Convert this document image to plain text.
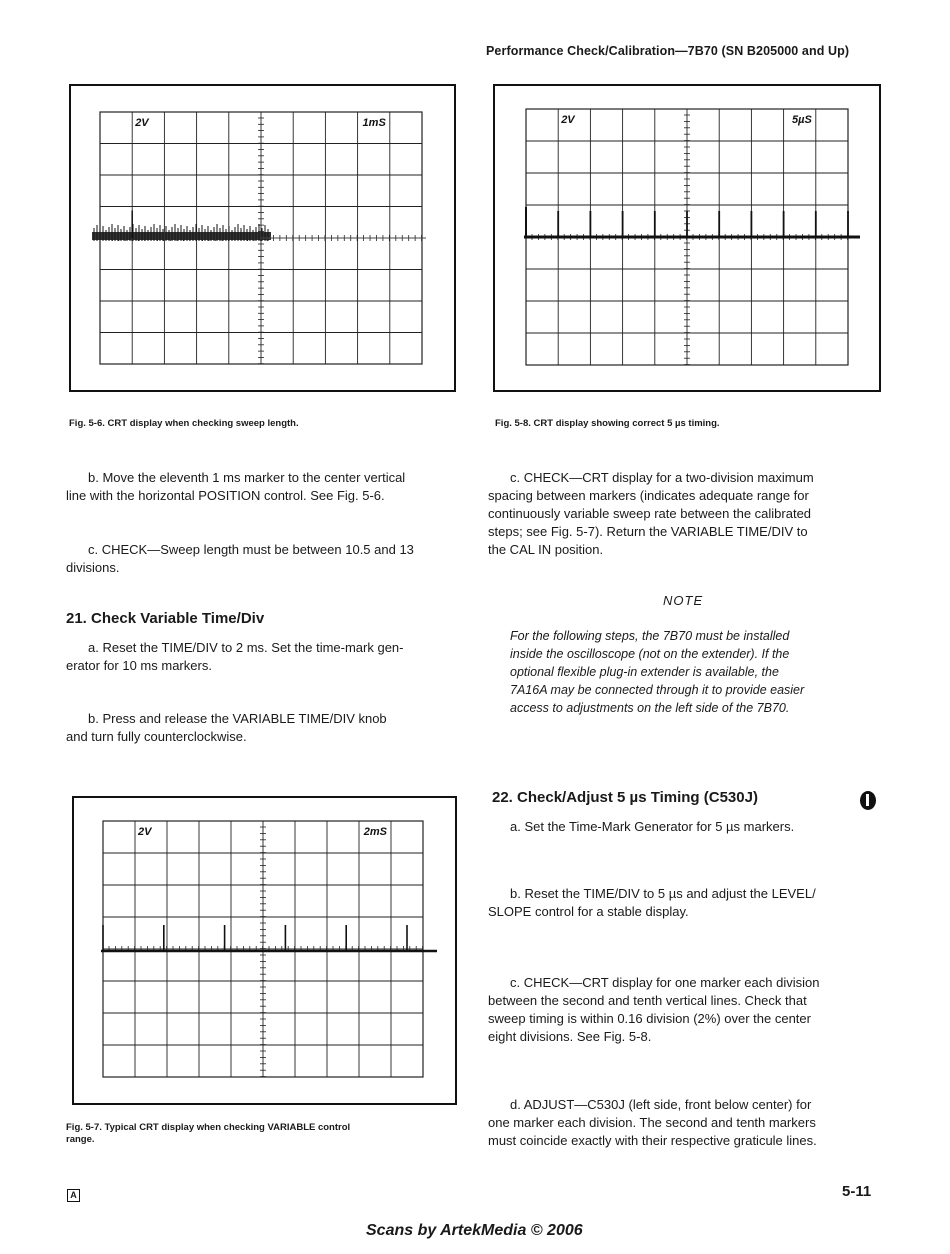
Performance Check/Calibration—7B70 (SN B205000 and Up)
2V	1mS
Fig. 5-6. CRT display when checking sweep length.
2V	5µS
Fig. 5-8. CRT display showing correct 5 µs timing.
b. Move the eleventh 1 ms marker to the center vertical
line with the horizontal POSITION control. See Fig. 5-6.
c. CHECK—Sweep length must be between 10.5 and 13
divisions.
21. Check Variable Time/Div
a. Reset the TIME/DIV to 2 ms. Set the time-mark gen-
erator for 10 ms markers.
b. Press and release the VARIABLE TIME/DIV knob
and turn fully counterclockwise.
2V	2mS
Fig. 5-7. Typical CRT display when checking VARIABLE control
range.
c. CHECK—CRT display for a two-division maximum
spacing between markers (indicates adequate range for
continuously variable sweep rate between the calibrated
steps; see Fig. 5-7). Return the VARIABLE TIME/DIV to
the CAL IN position.
NOTE
For the following steps, the 7B70 must be installed
inside the oscilloscope (not on the extender). If the
optional flexible plug-in extender is available, the
7A16A may be connected through it to provide easier
access to adjustments on the left side of the 7B70.
22. Check/Adjust 5 µs Timing (C530J)
a. Set the Time-Mark Generator for 5 µs markers.
b. Reset the TIME/DIV to 5 µs and adjust the LEVEL/
SLOPE control for a stable display.
c. CHECK—CRT display for one marker each division
between the second and tenth vertical lines. Check that
sweep timing is within 0.16 division (2%) over the center
eight divisions. See Fig. 5-8.
d. ADJUST—C530J (left side, front below center) for
one marker each division. The second and tenth markers
must coincide exactly with their respective graticule lines.
A	5-11
Scans by ArtekMedia © 2006
